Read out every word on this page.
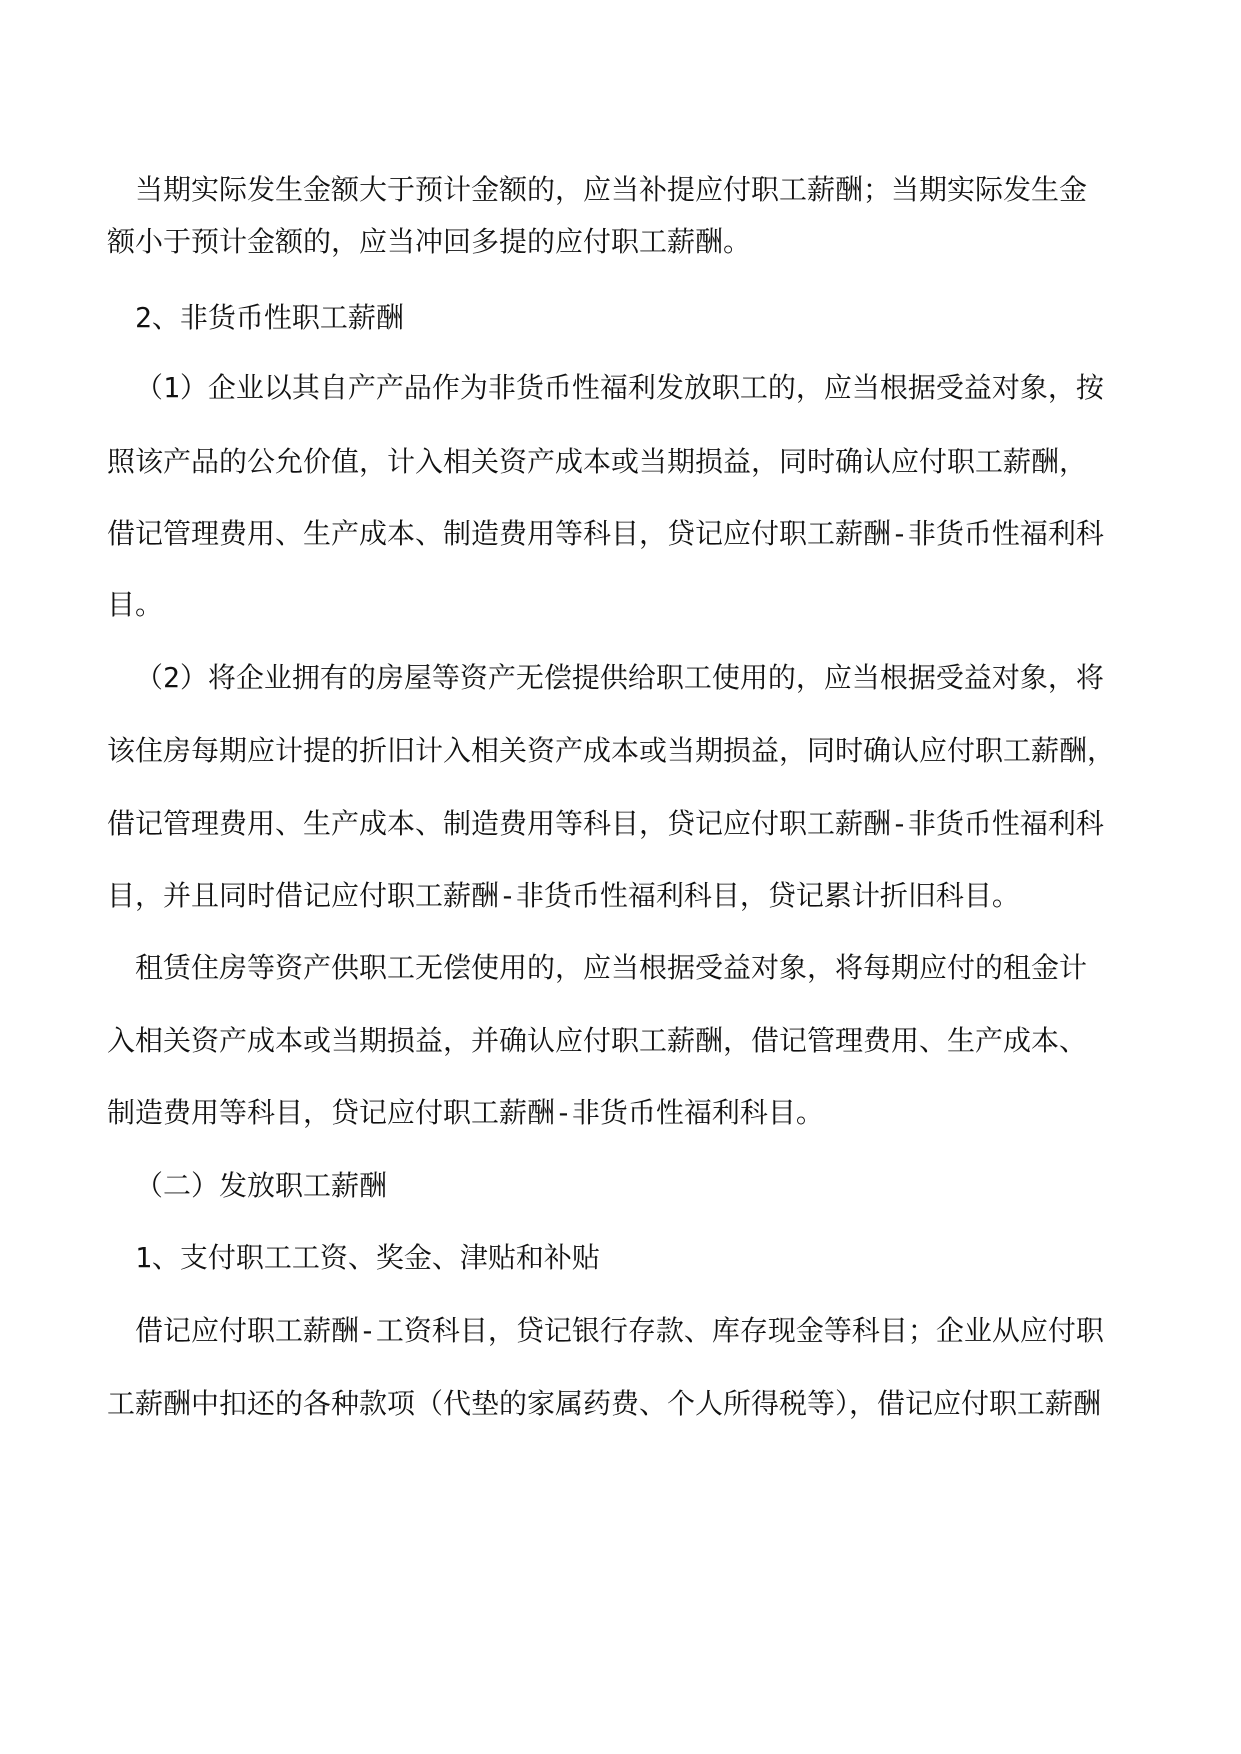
当期实际发生金额大于预计金额的，应当补提应付职工薪酬；当期实际发生金
额小于预计金额的，应当冲回多提的应付职工薪酬。
2、非货币性职工薪酬
（1）企业以其自产产品作为非货币性福利发放职工的，应当根据受益对象，按
照该产品的公允价值，计入相关资产成本或当期损益，同时确认应付职工薪酬，
借记管理费用、生产成本、制造费用等科目，贷记应付职工薪酬-非货币性福利科
目。
（2）将企业拥有的房屋等资产无偿提供给职工使用的，应当根据受益对象，将
该住房每期应计提的折旧计入相关资产成本或当期损益，同时确认应付职工薪酬，
借记管理费用、生产成本、制造费用等科目，贷记应付职工薪酬-非货币性福利科
目，并且同时借记应付职工薪酬-非货币性福利科目，贷记累计折旧科目。
租赁住房等资产供职工无偿使用的，应当根据受益对象，将每期应付的租金计
入相关资产成本或当期损益，并确认应付职工薪酬，借记管理费用、生产成本、
制造费用等科目，贷记应付职工薪酬-非货币性福利科目。
（二）发放职工薪酬
1、支付职工工资、奖金、津贴和补贴
借记应付职工薪酬-工资科目，贷记银行存款、库存现金等科目；企业从应付职
工薪酬中扣还的各种款项（代垫的家属药费、个人所得税等），借记应付职工薪酬
